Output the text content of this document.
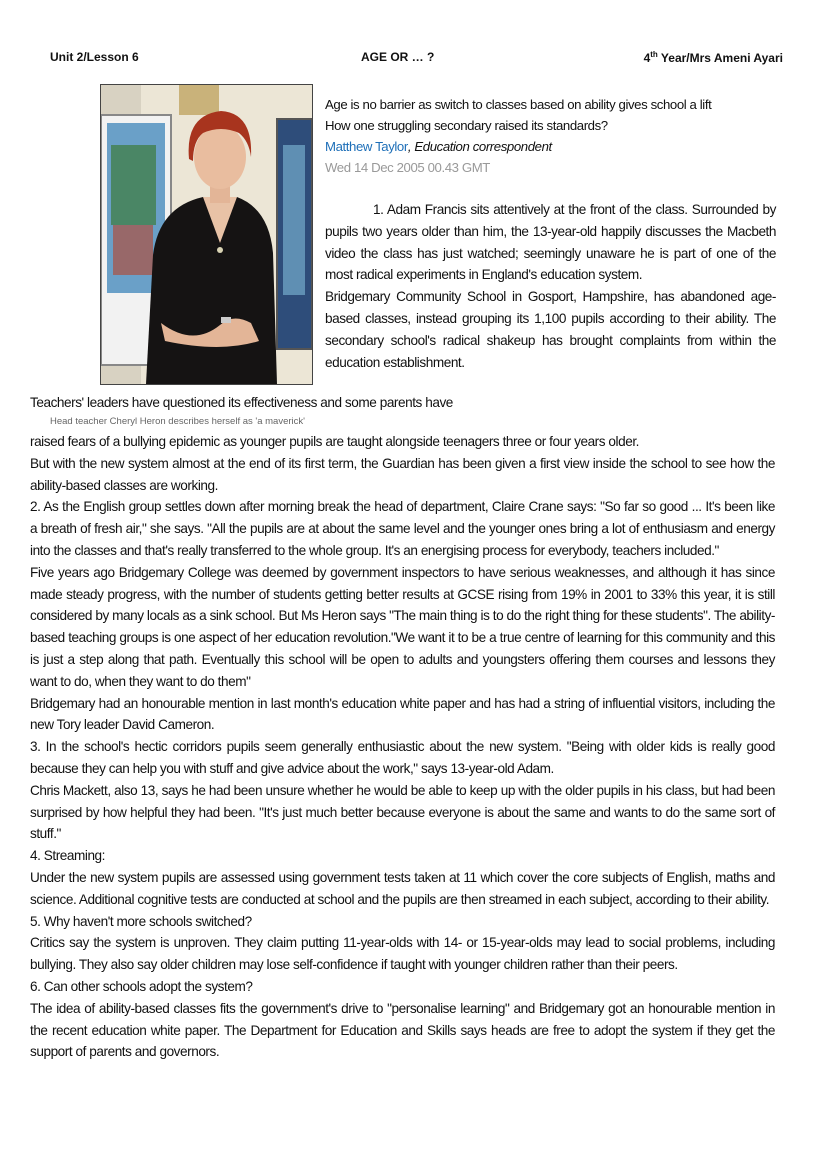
Unit 2/Lesson 6	AGE OR … ?	4th Year/Mrs Ameni Ayari
Age is no barrier as switch to classes based on ability gives school a lift
How one struggling secondary raised its standards?
Matthew Taylor, Education correspondent
Wed 14 Dec 2005 00.43 GMT

1. Adam Francis sits attentively at the front of the class. Surrounded by pupils two years older than him, the 13-year-old happily discusses the Macbeth video the class has just watched; seemingly unaware he is part of one of the most radical experiments in England's education system.

Bridgemary Community School in Gosport, Hampshire, has abandoned age-based classes, instead grouping its 1,100 pupils according to their ability. The secondary school's radical shakeup has brought complaints from within the education establishment.

Teachers' leaders have questioned its effectiveness and some parents have
Head teacher Cheryl Heron describes herself as 'a maverick'

raised fears of a bullying epidemic as younger pupils are taught alongside teenagers three or four years older.

But with the new system almost at the end of its first term, the Guardian has been given a first view inside the school to see how the ability-based classes are working.

2. As the English group settles down after morning break the head of department, Claire Crane says: "So far so good ... It's been like a breath of fresh air," she says. "All the pupils are at about the same level and the younger ones bring a lot of enthusiasm and energy into the classes and that's really transferred to the whole group. It's an energising process for everybody, teachers included."

Five years ago Bridgemary College was deemed by government inspectors to have serious weaknesses, and although it has since made steady progress, with the number of students getting better results at GCSE rising from 19% in 2001 to 33% this year, it is still considered by many locals as a sink school. But Ms Heron says "The main thing is to do the right thing for these students". The ability-based teaching groups is one aspect of her education revolution."We want it to be a true centre of learning for this community and this is just a step along that path. Eventually this school will be open to adults and youngsters offering them courses and lessons they want to do, when they want to do them"

Bridgemary had an honourable mention in last month's education white paper and has had a string of influential visitors, including the new Tory leader David Cameron.

3. In the school's hectic corridors pupils seem generally enthusiastic about the new system. "Being with older kids is really good because they can help you with stuff and give advice about the work," says 13-year-old Adam.

Chris Mackett, also 13, says he had been unsure whether he would be able to keep up with the older pupils in his class, but had been surprised by how helpful they had been. "It's just much better because everyone is about the same and wants to do the same sort of stuff."

4. Streaming:

Under the new system pupils are assessed using government tests taken at 11 which cover the core subjects of English, maths and science. Additional cognitive tests are conducted at school and the pupils are then streamed in each subject, according to their ability.

5. Why haven't more schools switched?

Critics say the system is unproven. They claim putting 11-year-olds with 14- or 15-year-olds may lead to social problems, including bullying. They also say older children may lose self-confidence if taught with younger children rather than their peers.

6. Can other schools adopt the system?

The idea of ability-based classes fits the government's drive to "personalise learning" and Bridgemary got an honourable mention in the recent education white paper. The Department for Education and Skills says heads are free to adopt the system if they get the support of parents and governors.
